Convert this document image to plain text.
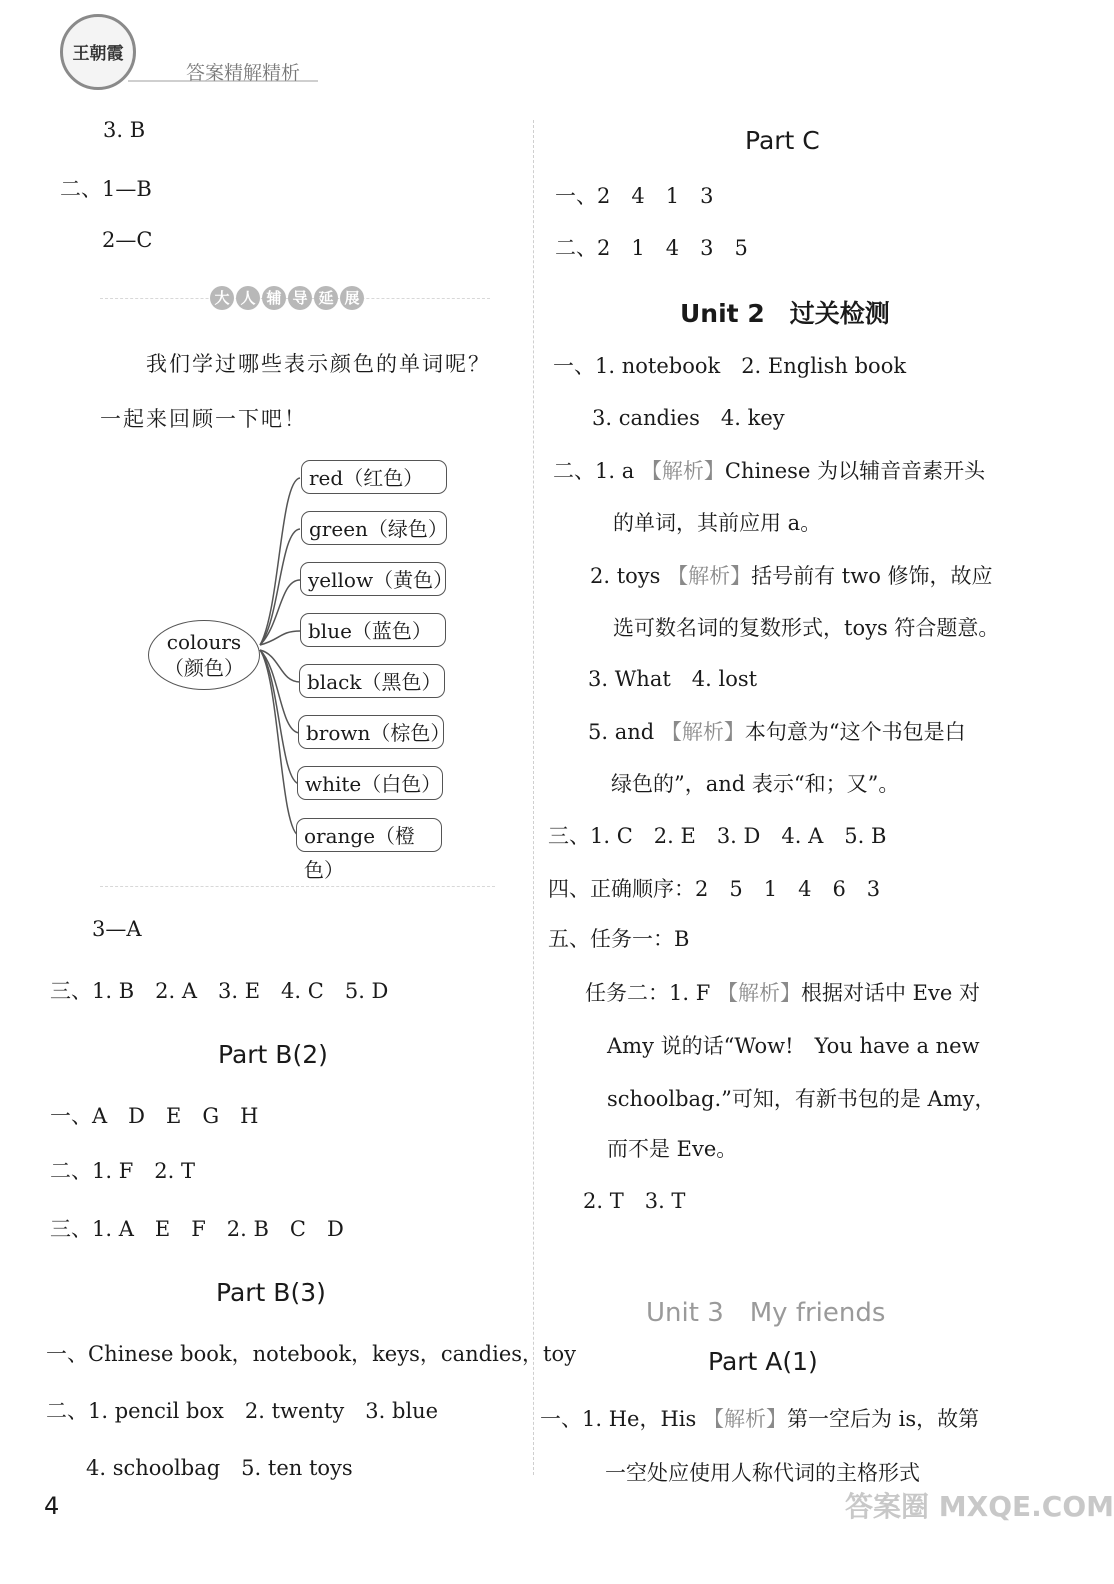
王朝霞
答案精解精析
3. B
二、1—B
2—C
大 人 辅 导 延 展
我们学过哪些表示颜色的单词呢？
一起来回顾一下吧！
colours
（颜色）
red（红色）
green（绿色）
yellow（黄色）
blue（蓝色）
black（黑色）
brown（棕色）
white（白色）
orange（橙色）
3—A
三、1. B　2. A　3. E　4. C　5. D
Part B(2)
一、A　D　E　G　H
二、1. F　2. T
三、1. A　E　F　2. B　C　D
Part B(3)
一、Chinese book，notebook，keys，candies，toy
二、1. pencil box　2. twenty　3. blue
4. schoolbag　5. ten toys
Part C
一、2　4　1　3
二、2　1　4　3　5
Unit 2　过关检测
一、1. notebook　2. English book
3. candies　4. key
二、1. a 【解析】Chinese 为以辅音音素开头
的单词，其前应用 a。
2. toys 【解析】括号前有 two 修饰，故应
选可数名词的复数形式，toys 符合题意。
3. What　4. lost
5. and 【解析】本句意为“这个书包是白
绿色的”，and 表示“和；又”。
三、1. C　2. E　3. D　4. A　5. B
四、正确顺序：2　5　1　4　6　3
五、任务一：B
任务二：1. F 【解析】根据对话中 Eve 对
Amy 说的话“Wow!　You have a new
schoolbag.”可知，有新书包的是 Amy，
而不是 Eve。
2. T　3. T
Unit 3　My friends
Part A(1)
一、1. He，His 【解析】第一空后为 is，故第
一空处应使用人称代词的主格形式
4	答案圈 MXQE.COM
